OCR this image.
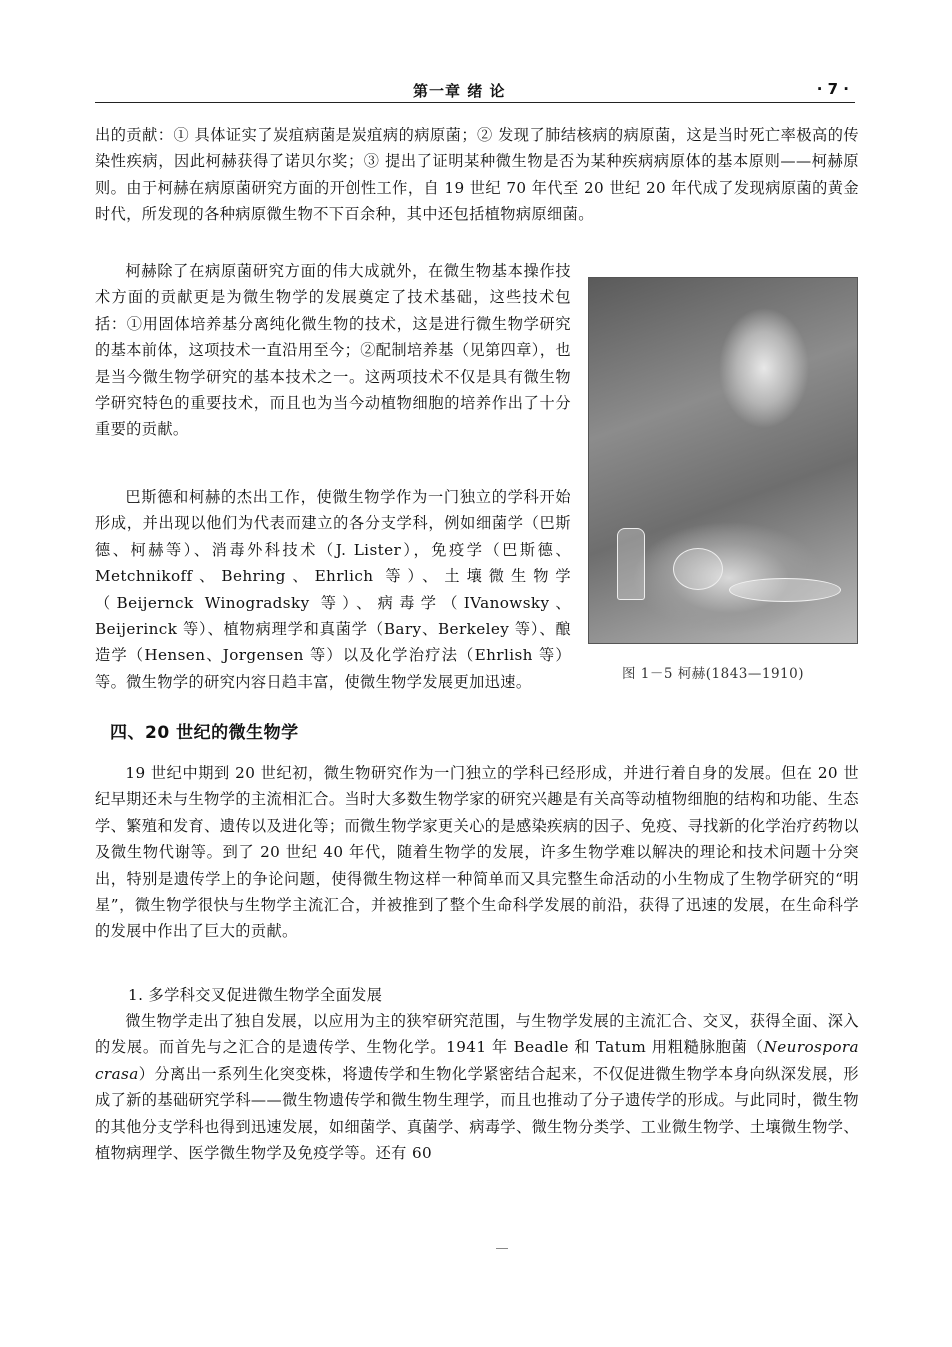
第一章 绪 论	· 7 ·
出的贡献：① 具体证实了炭疽病菌是炭疽病的病原菌；② 发现了肺结核病的病原菌，这是当时死亡率极高的传染性疾病，因此柯赫获得了诺贝尔奖；③ 提出了证明某种微生物是否为某种疾病病原体的基本原则——柯赫原则。由于柯赫在病原菌研究方面的开创性工作，自 19 世纪 70 年代至 20 世纪 20 年代成了发现病原菌的黄金时代，所发现的各种病原微生物不下百余种，其中还包括植物病原细菌。
柯赫除了在病原菌研究方面的伟大成就外，在微生物基本操作技术方面的贡献更是为微生物学的发展奠定了技术基础，这些技术包括：①用固体培养基分离纯化微生物的技术，这是进行微生物学研究的基本前体，这项技术一直沿用至今；②配制培养基（见第四章），也是当今微生物学研究的基本技术之一。这两项技术不仅是具有微生物学研究特色的重要技术，而且也为当今动植物细胞的培养作出了十分重要的贡献。
巴斯德和柯赫的杰出工作，使微生物学作为一门独立的学科开始形成，并出现以他们为代表而建立的各分支学科，例如细菌学（巴斯德、柯赫等）、消毒外科技术（J. Lister），免疫学（巴斯德、Metchnikoff、Behring、Ehrlich 等）、土壤微生物学（Beijernck Winogradsky 等）、病毒学（IVanowsky、Beijerinck 等）、植物病理学和真菌学（Bary、Berkeley 等）、酿造学（Hensen、Jorgensen 等）以及化学治疗法（Ehrlish 等）等。微生物学的研究内容日趋丰富，使微生物学发展更加迅速。	图 1－5 柯赫(1843—1910)
四、20 世纪的微生物学
19 世纪中期到 20 世纪初，微生物研究作为一门独立的学科已经形成，并进行着自身的发展。但在 20 世纪早期还未与生物学的主流相汇合。当时大多数生物学家的研究兴趣是有关高等动植物细胞的结构和功能、生态学、繁殖和发育、遗传以及进化等；而微生物学家更关心的是感染疾病的因子、免疫、寻找新的化学治疗药物以及微生物代谢等。到了 20 世纪 40 年代，随着生物学的发展，许多生物学难以解决的理论和技术问题十分突出，特别是遗传学上的争论问题，使得微生物这样一种简单而又具完整生命活动的小生物成了生物学研究的“明星”，微生物学很快与生物学主流汇合，并被推到了整个生命科学发展的前沿，获得了迅速的发展，在生命科学的发展中作出了巨大的贡献。
1. 多学科交叉促进微生物学全面发展
微生物学走出了独自发展，以应用为主的狭窄研究范围，与生物学发展的主流汇合、交叉，获得全面、深入的发展。而首先与之汇合的是遗传学、生物化学。1941 年 Beadle 和 Tatum 用粗糙脉胞菌（Neurospora crasa）分离出一系列生化突变株，将遗传学和生物化学紧密结合起来，不仅促进微生物学本身向纵深发展，形成了新的基础研究学科——微生物遗传学和微生物生理学，而且也推动了分子遗传学的形成。与此同时，微生物的其他分支学科也得到迅速发展，如细菌学、真菌学、病毒学、微生物分类学、工业微生物学、土壤微生物学、植物病理学、医学微生物学及免疫学等。还有 60
